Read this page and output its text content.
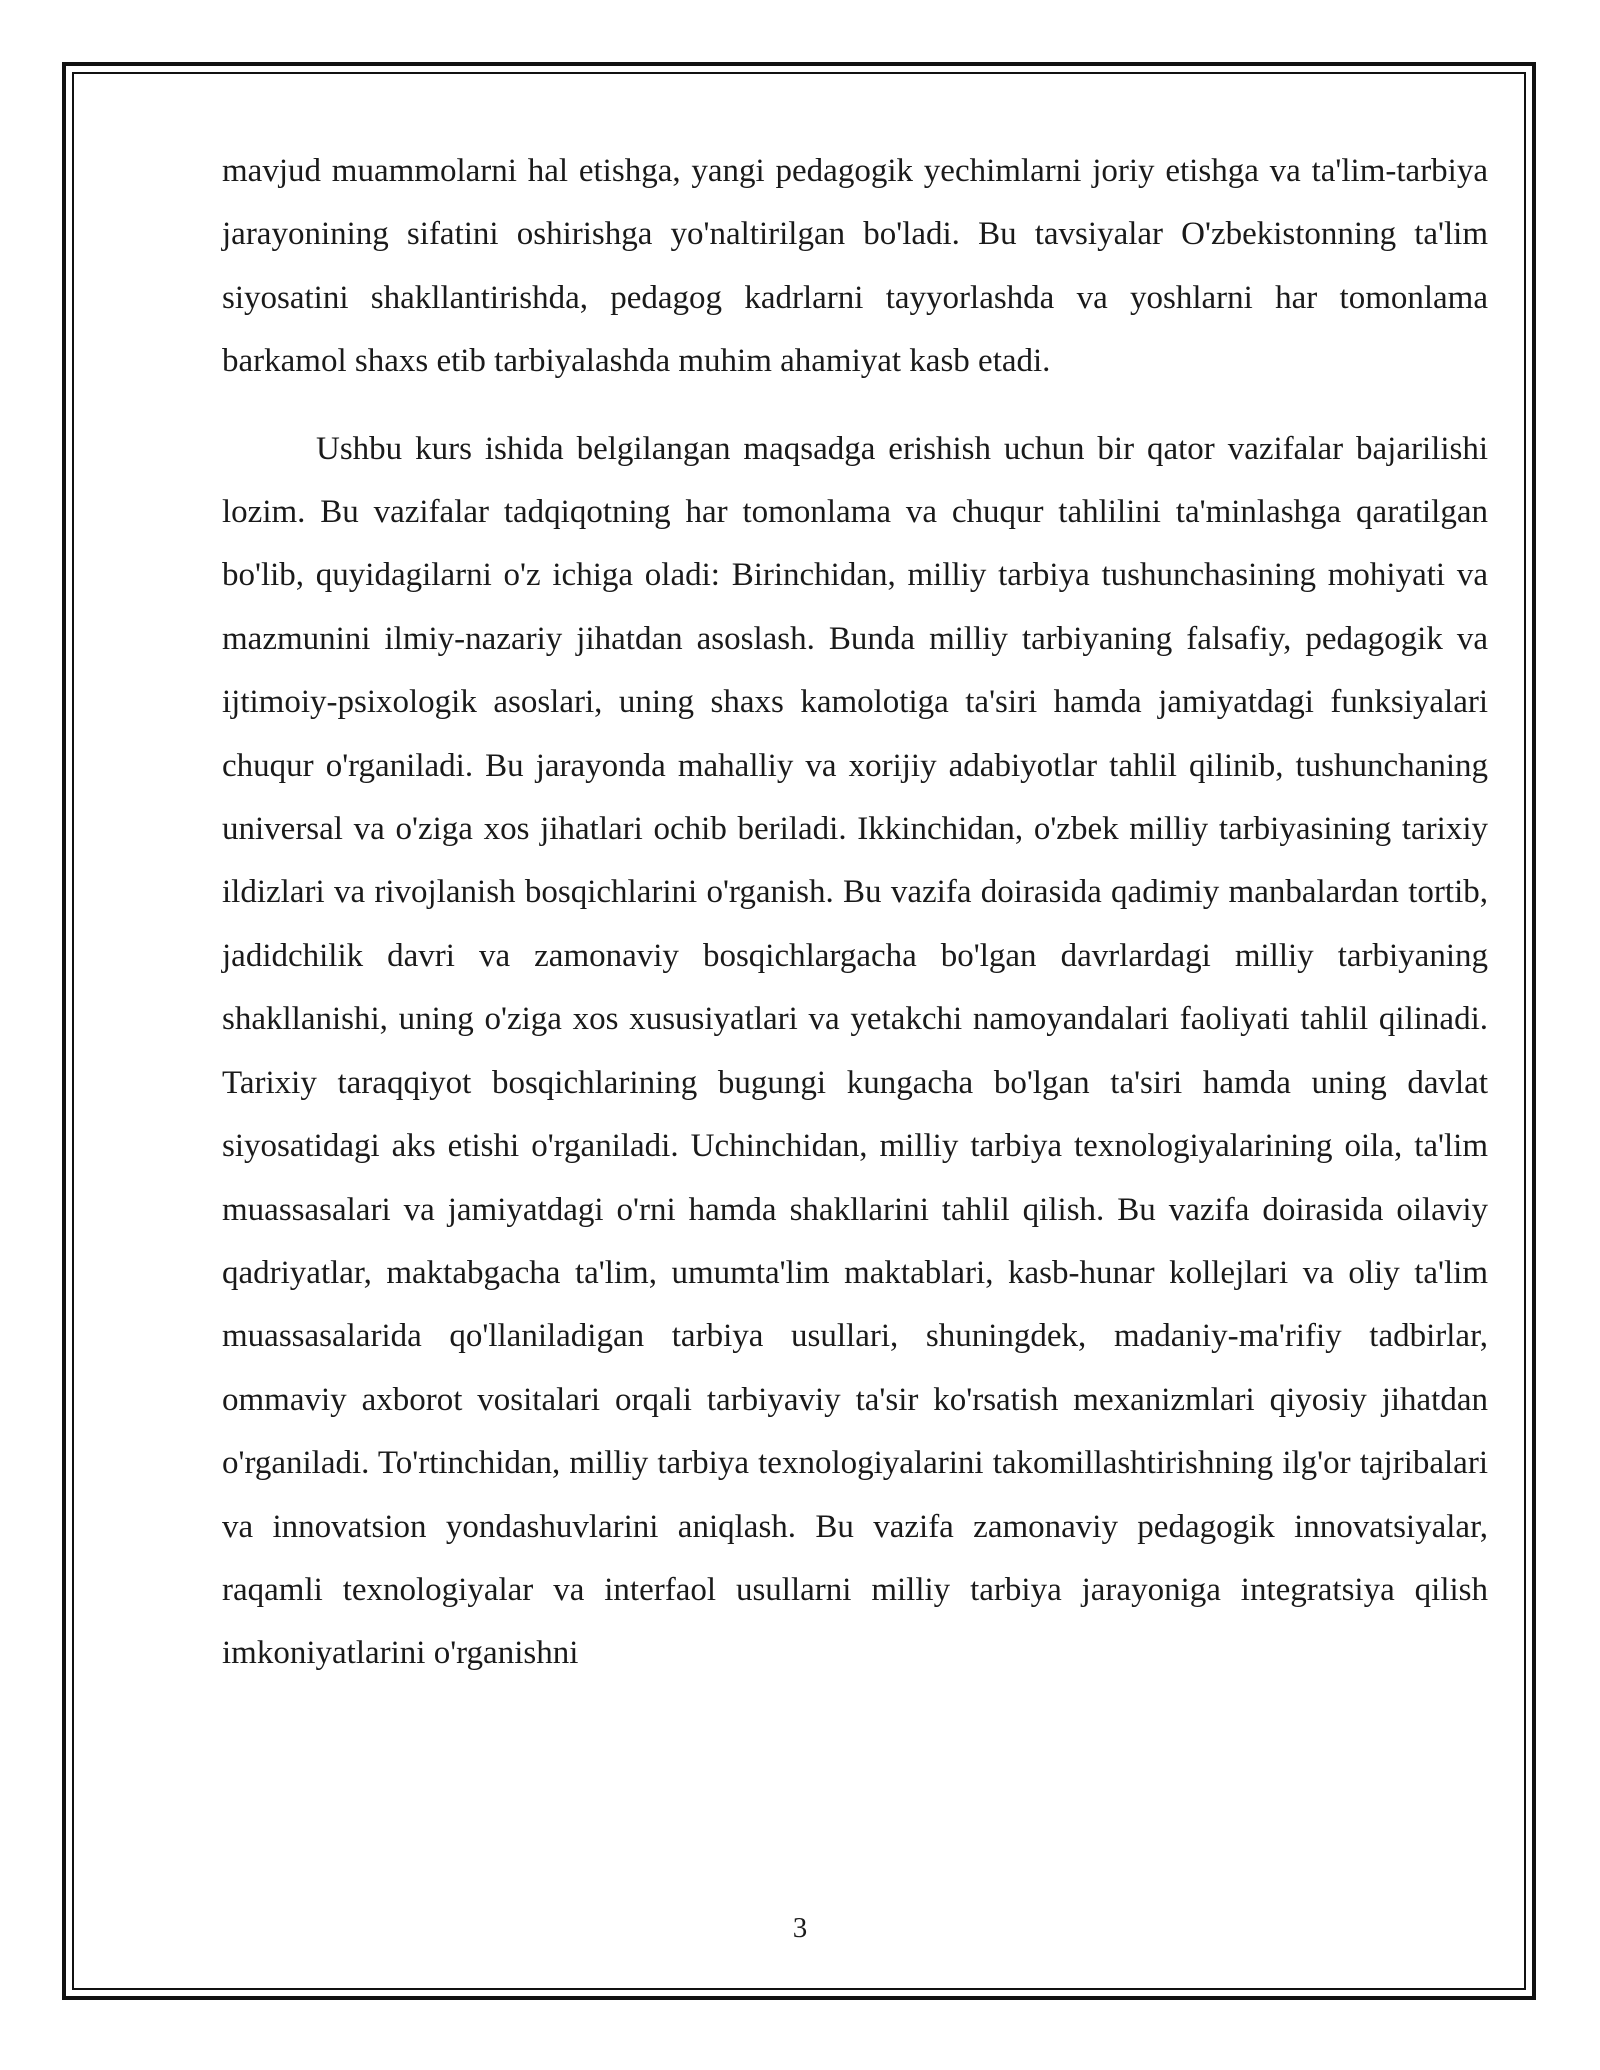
mavjud muammolarni hal etishga, yangi pedagogik yechimlarni joriy etishga va ta'lim-tarbiya jarayonining sifatini oshirishga yo'naltirilgan bo'ladi. Bu tavsiyalar O'zbekistonning ta'lim siyosatini shakllantirishda, pedagog kadrlarni tayyorlashda va yoshlarni har tomonlama barkamol shaxs etib tarbiyalashda muhim ahamiyat kasb etadi.

Ushbu kurs ishida belgilangan maqsadga erishish uchun bir qator vazifalar bajarilishi lozim. Bu vazifalar tadqiqotning har tomonlama va chuqur tahlilini ta'minlashga qaratilgan bo'lib, quyidagilarni o'z ichiga oladi: Birinchidan, milliy tarbiya tushunchasining mohiyati va mazmunini ilmiy-nazariy jihatdan asoslash. Bunda milliy tarbiyaning falsafiy, pedagogik va ijtimoiy-psixologik asoslari, uning shaxs kamolotiga ta'siri hamda jamiyatdagi funksiyalari chuqur o'rganiladi. Bu jarayonda mahalliy va xorijiy adabiyotlar tahlil qilinib, tushunchaning universal va o'ziga xos jihatlari ochib beriladi. Ikkinchidan, o'zbek milliy tarbiyasining tarixiy ildizlari va rivojlanish bosqichlarini o'rganish. Bu vazifa doirasida qadimiy manbalardan tortib, jadidchilik davri va zamonaviy bosqichlargacha bo'lgan davrlardagi milliy tarbiyaning shakllanishi, uning o'ziga xos xususiyatlari va yetakchi namoyandalari faoliyati tahlil qilinadi. Tarixiy taraqqiyot bosqichlarining bugungi kungacha bo'lgan ta'siri hamda uning davlat siyosatidagi aks etishi o'rganiladi. Uchinchidan, milliy tarbiya texnologiyalarining oila, ta'lim muassasalari va jamiyatdagi o'rni hamda shakllarini tahlil qilish. Bu vazifa doirasida oilaviy qadriyatlar, maktabgacha ta'lim, umumta'lim maktablari, kasb-hunar kollejlari va oliy ta'lim muassasalarida qo'llaniladigan tarbiya usullari, shuningdek, madaniy-ma'rifiy tadbirlar, ommaviy axborot vositalari orqali tarbiyaviy ta'sir ko'rsatish mexanizmlari qiyosiy jihatdan o'rganiladi. To'rtinchidan, milliy tarbiya texnologiyalarini takomillashtirishning ilg'or tajribalari va innovatsion yondashuvlarini aniqlash. Bu vazifa zamonaviy pedagogik innovatsiyalar, raqamli texnologiyalar va interfaol usullarni milliy tarbiya jarayoniga integratsiya qilish imkoniyatlarini o'rganishni

3
